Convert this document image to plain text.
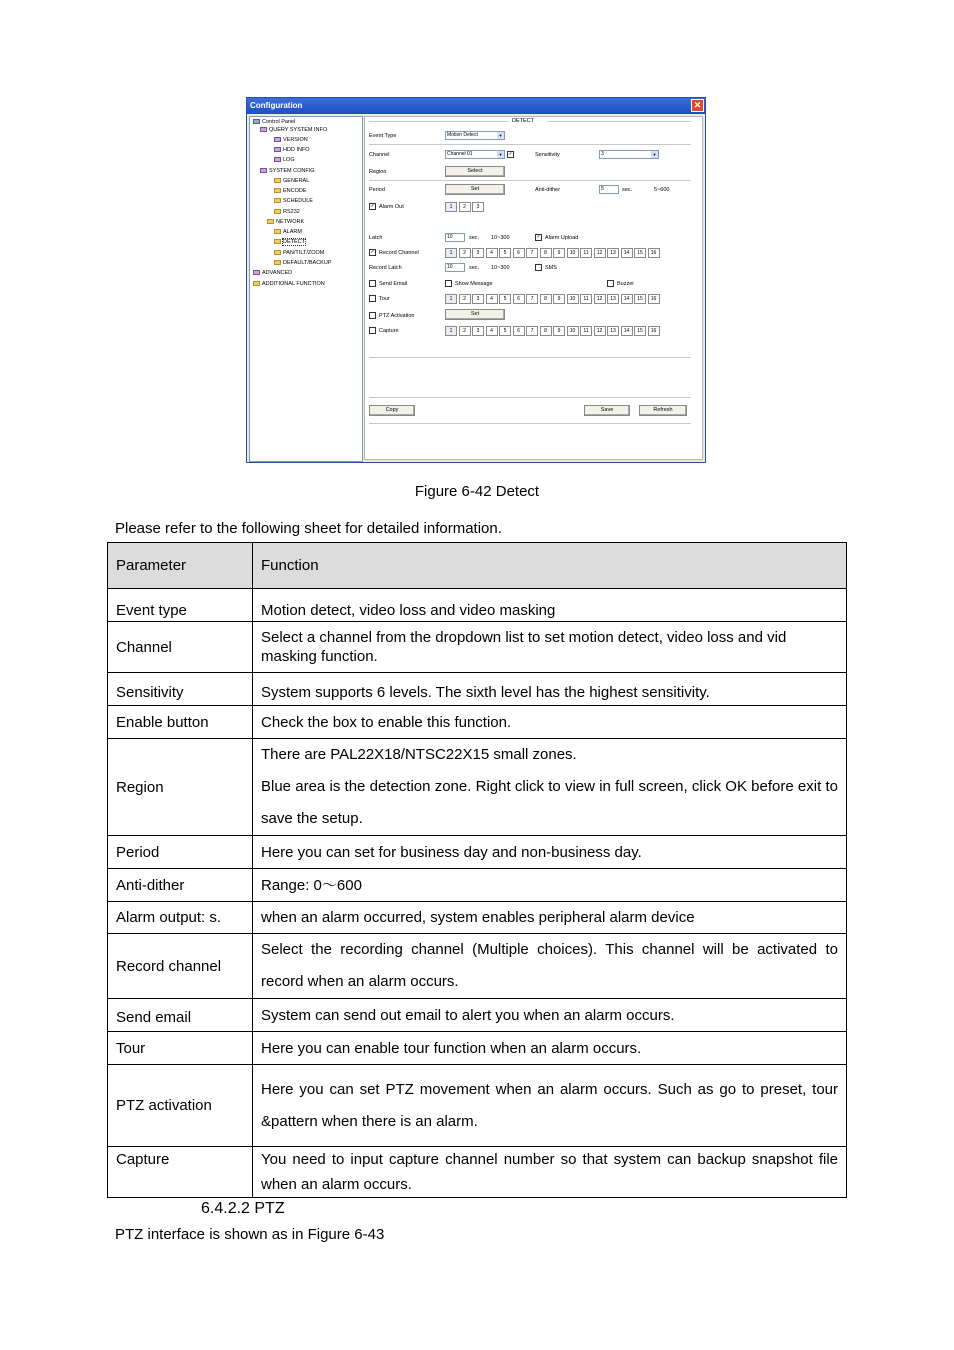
Configuration	✕
Control Panel
QUERY SYSTEM INFO
VERSION
HDD INFO
LOG
SYSTEM CONFIG
GENERAL
ENCODE
SCHEDULE
RS232
NETWORK
ALARM
DETECT
PAN/TILT/ZOOM
DEFAULT/BACKUP
ADVANCED
ADDITIONAL FUNCTION
DETECT
Event Type	Motion Detect	▼
Channel	Channel 01	▼	✓	Sensitivity	3	▼
Region	Select
Period	Set	Anti-dither	5	sec.	5~600
✓ Alarm Out	1	2	3
Latch	10	sec. 10~300	✓ Alarm Upload
✓ Record Channel	1	2	3	4	5	6	7	8	9	10	11	12	13	14	15	16
Record Latch	10	sec. 10~300	SMS
Send Email	Show Message	Buzzer
Tour	1	2	3	4	5	6	7	8	9	10	11	12	13	14	15	16
PTZ Activation	Set
Capture	1	2	3	4	5	6	7	8	9	10	11	12	13	14	15	16
Copy	Save	Refresh
Figure 6-42 Detect
Please refer to the following sheet for detailed information.
Parameter	Function
Event type	Motion detect, video loss and video masking
Channel	Select a channel from the dropdown list to set motion detect, video loss and vid
masking function.

Sensitivity	System supports 6 levels. The sixth level has the highest sensitivity.
Enable button	Check the box to enable this function.
Region	There are PAL22X18/NTSC22X15 small zones.
Blue area is the detection zone. Right click to view in full screen, click OK before exit to save the setup.

Period	Here you can set for business day and non-business day.
Anti-dither	Range: 0～600
Alarm output: s.	when an alarm occurred, system enables peripheral alarm device
Record channel	Select the recording channel (Multiple choices). This channel will be activated to record when an alarm occurs.
Send email	System can send out email to alert you when an alarm occurs.
Tour	Here you can enable tour function when an alarm occurs.
PTZ activation	Here you can set PTZ movement when an alarm occurs. Such as go to preset, tour &pattern when there is an alarm.
Capture	You need to input capture channel number so that system can backup snapshot file when an alarm occurs.
6.4.2.2 PTZ
PTZ interface is shown as in Figure 6-43
